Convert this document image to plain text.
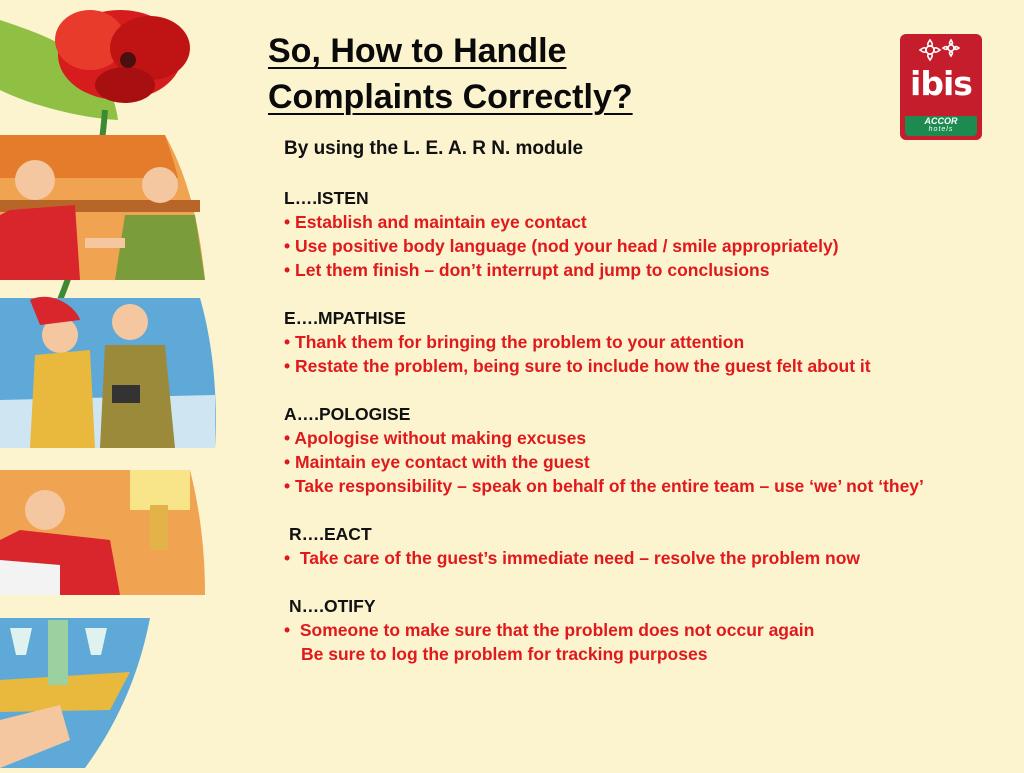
So, How to Handle
Complaints Correctly?	ibis
ACCOR
hotels

By using the L. E. A. R N. module

L….ISTEN

• Establish and maintain eye contact

• Use positive body language (nod your head / smile appropriately)

• Let them finish – don’t interrupt and jump to conclusions

E….MPATHISE

• Thank them for bringing the problem to your attention

• Restate the problem, being sure to include how the guest felt about it

A….POLOGISE

• Apologise without making excuses

• Maintain eye contact with the guest

• Take responsibility – speak on behalf of the entire team – use ‘we’ not ‘they’

R….EACT

• Take care of the guest’s immediate need – resolve the problem now

N….OTIFY

• Someone to make sure that the problem does not occur again

Be sure to log the problem for tracking purposes
